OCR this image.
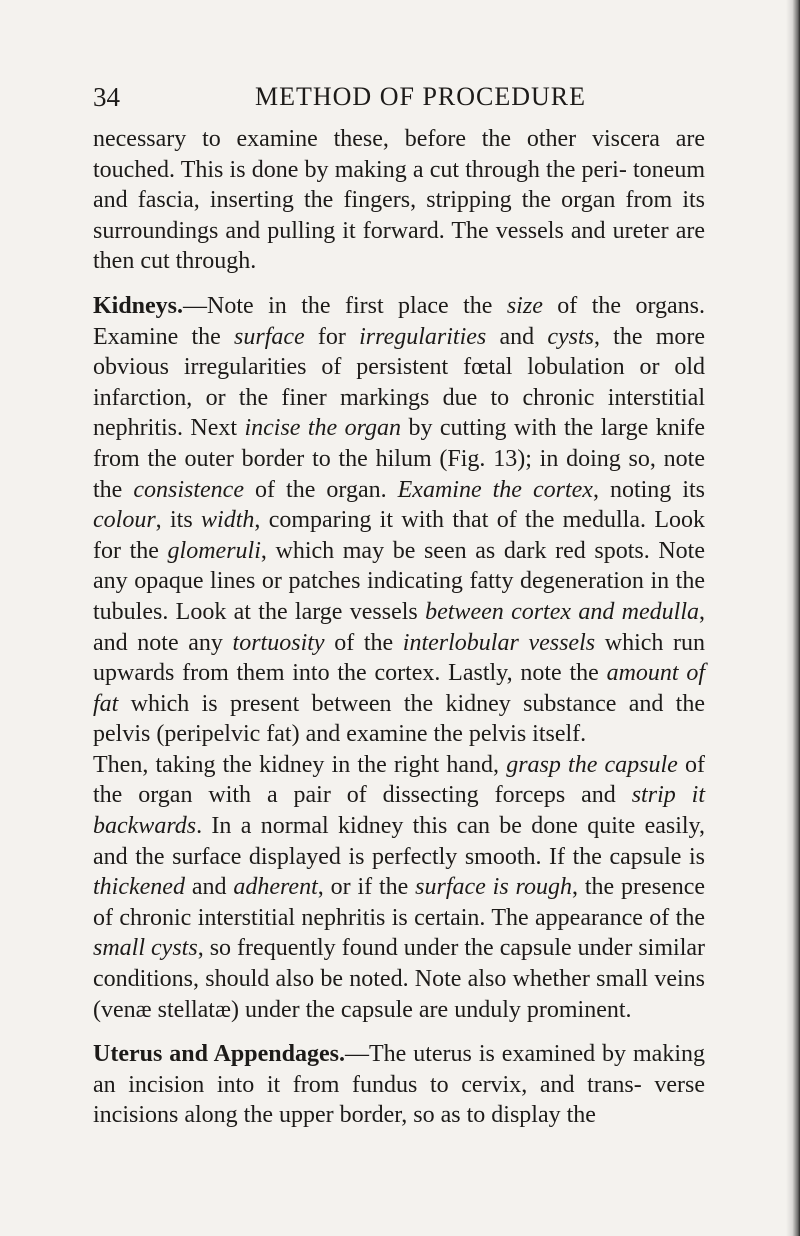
34	METHOD OF PROCEDURE

necessary to examine these, before the other viscera are touched. This is done by making a cut through the peri- toneum and fascia, inserting the fingers, stripping the organ from its surroundings and pulling it forward. The vessels and ureter are then cut through.

Kidneys.—Note in the first place the size of the organs. Examine the surface for irregularities and cysts, the more obvious irregularities of persistent fœtal lobulation or old infarction, or the finer markings due to chronic interstitial nephritis. Next incise the organ by cutting with the large knife from the outer border to the hilum (Fig. 13); in doing so, note the consistence of the organ. Examine the cortex, noting its colour, its width, comparing it with that of the medulla. Look for the glomeruli, which may be seen as dark red spots. Note any opaque lines or patches indicating fatty degeneration in the tubules. Look at the large vessels between cortex and medulla, and note any tortuosity of the interlobular vessels which run upwards from them into the cortex. Lastly, note the amount of fat which is present between the kidney substance and the pelvis (peripelvic fat) and examine the pelvis itself.

Then, taking the kidney in the right hand, grasp the capsule of the organ with a pair of dissecting forceps and strip it backwards. In a normal kidney this can be done quite easily, and the surface displayed is perfectly smooth. If the capsule is thickened and adherent, or if the surface is rough, the presence of chronic interstitial nephritis is certain. The appearance of the small cysts, so frequently found under the capsule under similar conditions, should also be noted. Note also whether small veins (venæ stellatæ) under the capsule are unduly prominent.

Uterus and Appendages.—The uterus is examined by making an incision into it from fundus to cervix, and trans- verse incisions along the upper border, so as to display the
